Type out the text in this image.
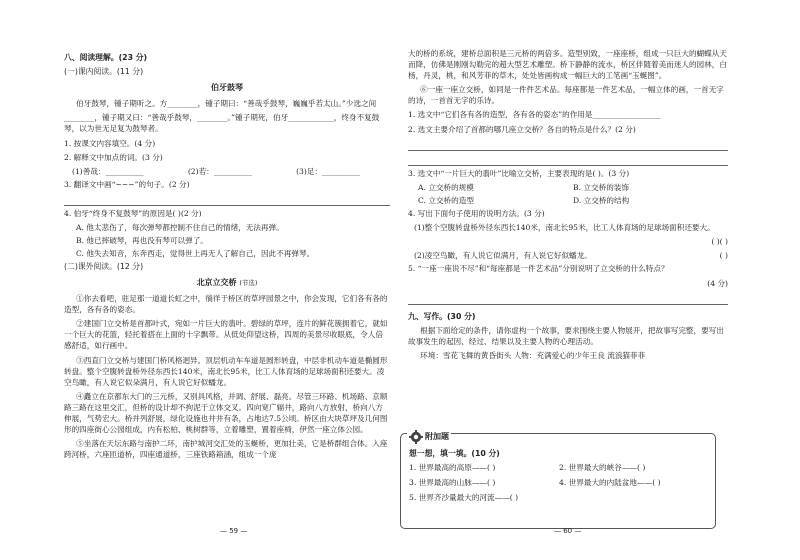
八、阅读理解。(23 分)
(一)课内阅读。(11 分)
伯牙鼓琴
伯牙鼓琴，锺子期听之。方________，锺子期曰：“善哉乎鼓琴，巍巍乎若太山。”少选之间
________，锺子期又曰：“善哉乎鼓琴，________。”锺子期死，伯牙____________，终身不复鼓琴，以为世无足复为鼓琴者。
1. 按课文内容填空。(4 分)
2. 解释文中加点的词。(3 分)
(1)善哉：__________	(2)若：__________	(3)足：__________
3. 翻译文中画“~~~”的句子。(2 分)
4. 伯牙“终身不复鼓琴”的原因是( )(2 分)
A. 他太悲伤了，每次弹琴都控制不住自己的情绪，无法再弹。
B. 他已摔破琴，再也没有琴可以弹了。
C. 他失去知音，东奔西走，觉得世上再无人了解自己，因此不再弹琴。
(二)课外阅读。(12 分)
北京立交桥 (节选)
①你去看吧，驻足那一道道长虹之中，徜徉于桥区的草坪园景之中，你会发现，它们各有各的造型，各有各的姿态。
②建国门立交桥是首都叶式，宛如一片巨大的翡叶。碧绿的草坪，连片的鲜花簇拥着它，就如一个巨大的花篮，轻托着搭在上面的十字飘带。从低处仰望这桥，四周的美景尽收眼底，令人倍感舒适，如行画中。
③西直门立交桥与建国门桥风格迥异。顶层机动车车道是圆形转盘，中层非机动车道是椭圆形转盘。整个空腹转盘桥外径东西长140米，南北长95米，比工人体育场的足球场面积还要大。凌空鸟瞰，有人说它似朵满月，有人说它好似蟠龙。
④矗立在京都东大门的三元桥，又别具风格，并调、舒展、磊亮。尽管三环路、机场路、京顺路三路在这里交汇，但桥的设计却不拘泥于立体交叉。四向宽广辐井，路向八方放射，桥向八方伸展，气势宏大。桥并列舒展，绿化设施也井井有条，占地达7.5公顷。桥区由大块草坪及几何图形的四座街心公园组成，内有松柏、桃树群等，立着雕塑，置着座椅，伊然一座立体公园。
⑤坐落在天坛东路与南护二环，南护城河交汇处的玉蜒桥，更加壮美，它是桥群组合体。入座跨河桥，六座匝道桥，四座通道桥，三座铁路箱涵，组成一个庞
— 59 —
大的桥的系统，建桥总面积是三元桥的两倍多。造型别致，一座座桥，组成一只巨大的蝴蝶从天而降，仿佛是刚刚勾勒完的超大型艺术雕塑。桥下静静的流水，桥区伴随着美而迷人的园林，白杨，丹灵，桃，和风芳菲的草木，处处皆画构成一幅巨大的工笔画“玉蜒图”。
⑥一座一座立交桥，如同是一件件艺术品。每座都是一件艺术品，一幅立体的画，一首无字的诗，一首首无字的乐诗。
1. 选文中“它们各有各的造型，各有各的姿态”的作用是__________________
2. 选文主要介绍了首都的哪几座立交桥？各自的特点是什么？(2 分)
3. 选文中“一片巨大的翡叶”比喻立交桥，主要表现的是( )。(3 分)
A. 立交桥的规模	B. 立交桥的装饰
C. 立交桥的造型	D. 立交桥的结构
4. 写出下面句子使用的说明方法。(3 分)
(1)整个空腹转盘桥外径东西长140米，南北长95米，比工人体育场的足球场面积还要大。
( )( )
(2)凌空鸟瞰，有人说它似满月，有人说它好似蟠龙。	( )
5. “一座一座说不尽”和“每座都是一件艺术品”分别说明了立交桥的什么特点？
(4 分)
九、写作。(30 分)
根据下面给定的条件，请你虚构一个故事，要求围绕主要人物展开，把故事写完整，要写出故事发生的起因、经过、结果以及主要人物的心理活动。
环境：雪花飞舞的黄昏街头 人物：充满爱心的少年王良 流浪猫菲菲
附加题
想一想，填一填。(10 分)
1. 世界最高的高原——( )	2. 世界最大的峡谷——( )
3. 世界最高的山脉——( )	4. 世界最大的内陆盆地——( )
5. 世界齐沙量最大的河流——( )
— 60 —
